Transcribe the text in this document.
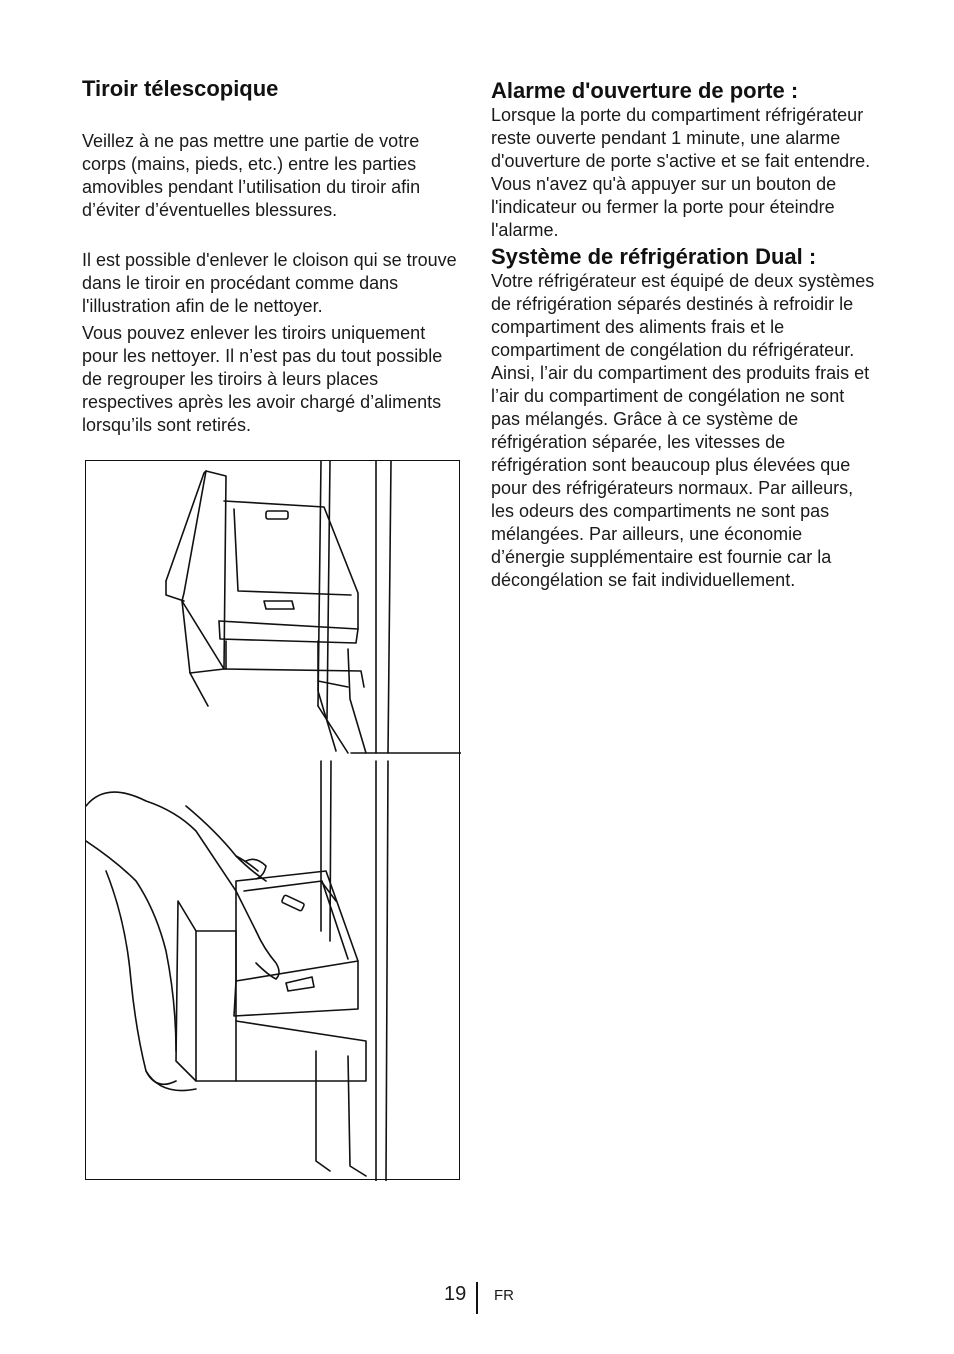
Tiroir télescopique

Veillez à ne pas mettre une partie de votre corps (mains, pieds, etc.) entre les parties amovibles pendant l’utilisation du tiroir afin d’éviter d’éventuelles blessures.

Il est possible d'enlever le cloison qui se trouve dans le tiroir en procédant comme dans l'illustration afin de le nettoyer.

Vous pouvez enlever les tiroirs uniquement pour les nettoyer. Il n’est pas du tout possible de regrouper les tiroirs à leurs places respectives après les avoir chargé d’aliments lorsqu’ils sont retirés.

Alarme d'ouverture de porte :

Lorsque la porte du compartiment réfrigérateur reste ouverte pendant 1 minute, une alarme d'ouverture de porte s'active et se fait entendre. Vous n'avez qu'à appuyer sur un bouton de l'indicateur ou fermer la porte pour éteindre l'alarme.

Système de réfrigération Dual :

Votre réfrigérateur est équipé de deux systèmes de réfrigération séparés destinés à refroidir le compartiment des aliments frais et le compartiment de congélation du réfrigérateur. Ainsi, l’air du compartiment des produits frais et l’air du compartiment de congélation ne sont pas mélangés. Grâce à ce système de réfrigération séparée, les vitesses de réfrigération sont beaucoup plus élevées que pour des réfrigérateurs normaux. Par ailleurs, les odeurs des compartiments ne sont pas mélangées. Par ailleurs, une économie d’énergie supplémentaire est fournie car la décongélation se fait individuellement.

19 FR
